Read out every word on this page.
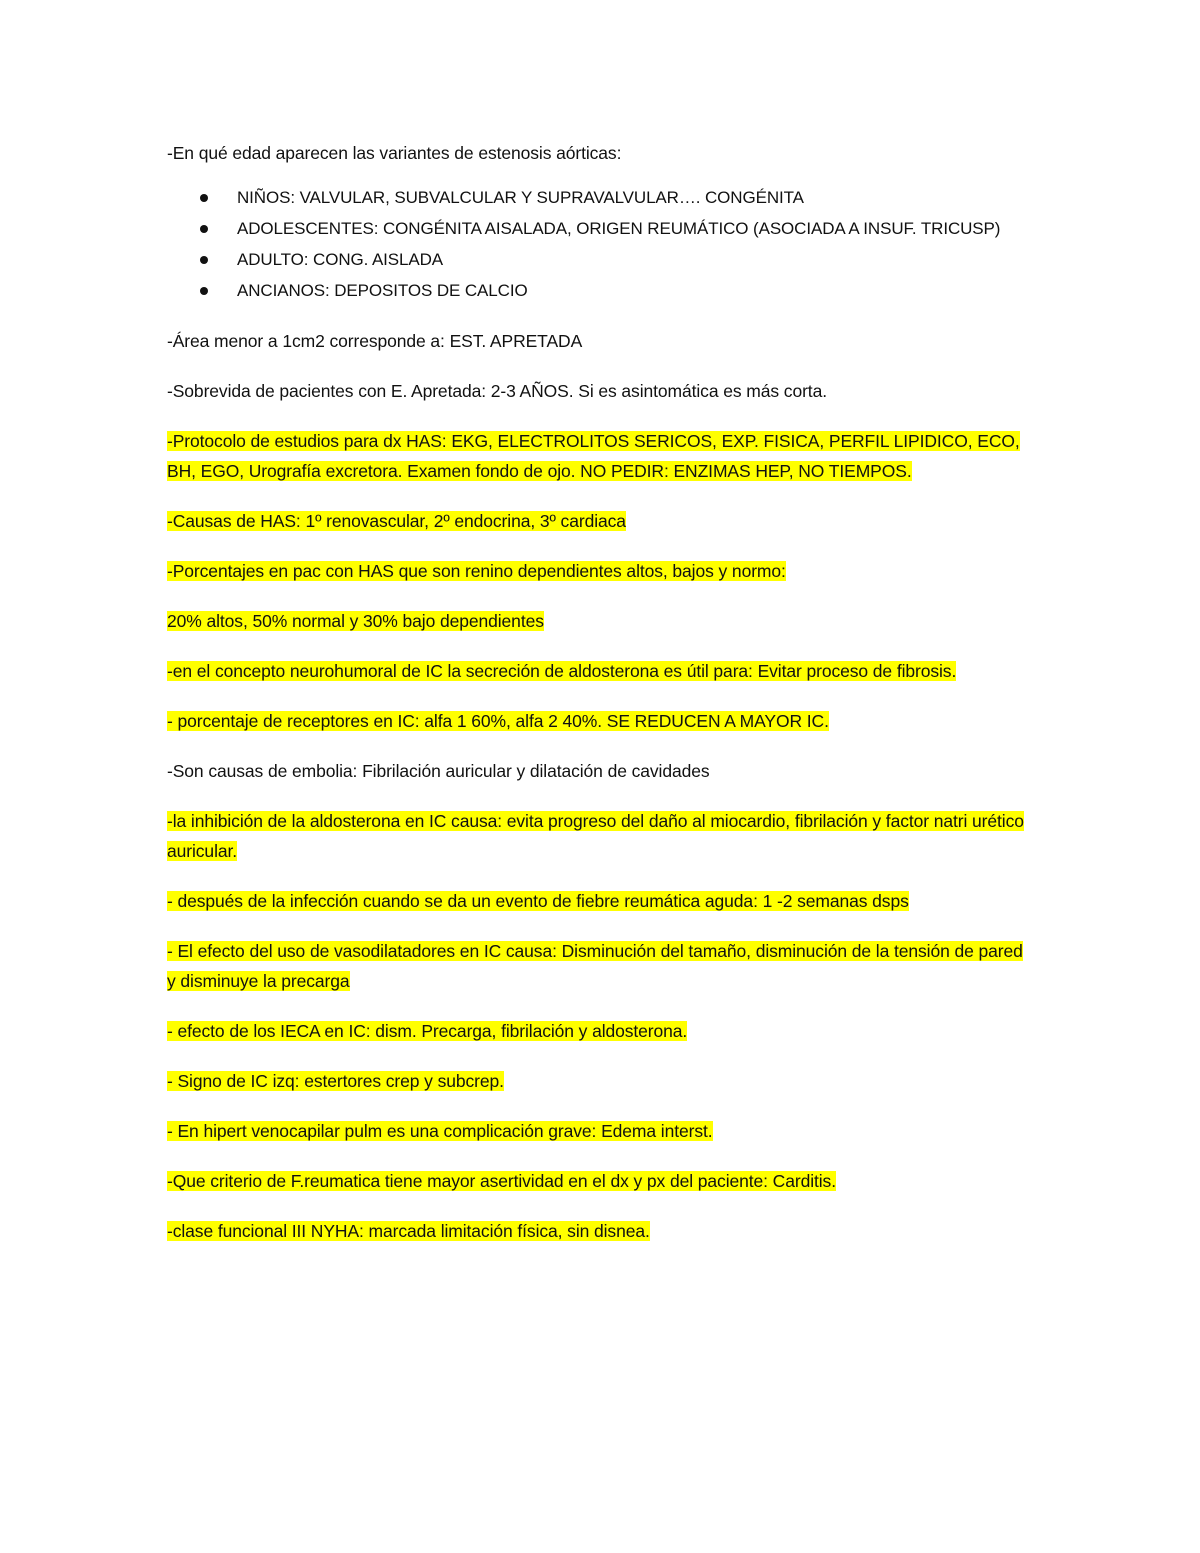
-En qué edad aparecen las variantes de estenosis aórticas:

NIÑOS: VALVULAR, SUBVALCULAR Y SUPRAVALVULAR…. CONGÉNITA
ADOLESCENTES: CONGÉNITA AISALADA, ORIGEN REUMÁTICO (ASOCIADA A INSUF. TRICUSP)
ADULTO: CONG. AISLADA
ANCIANOS: DEPOSITOS DE CALCIO

-Área menor a 1cm2 corresponde a: EST. APRETADA

-Sobrevida de pacientes con E. Apretada: 2-3 AÑOS. Si es asintomática es más corta.

-Protocolo de estudios para dx HAS: EKG, ELECTROLITOS SERICOS, EXP. FISICA, PERFIL LIPIDICO, ECO, BH, EGO, Urografía excretora. Examen fondo de ojo. NO PEDIR: ENZIMAS HEP, NO TIEMPOS.

-Causas de HAS: 1º renovascular, 2º endocrina, 3º cardiaca

-Porcentajes en pac con HAS que son renino dependientes altos, bajos y normo:

20% altos, 50% normal y 30% bajo dependientes

-en el concepto neurohumoral de IC la secreción de aldosterona es útil para: Evitar proceso de fibrosis.

- porcentaje de receptores en IC: alfa 1 60%, alfa 2 40%. SE REDUCEN A MAYOR IC.

-Son causas de embolia: Fibrilación auricular y dilatación de cavidades

-la inhibición de la aldosterona en IC causa: evita progreso del daño al miocardio, fibrilación y factor natri urético auricular.

- después de la infección cuando se da un evento de fiebre reumática aguda: 1 -2 semanas dsps

- El efecto del uso de vasodilatadores en IC causa: Disminución del tamaño, disminución de la tensión de pared y disminuye la precarga

- efecto de los IECA en IC: dism. Precarga, fibrilación y aldosterona.

- Signo de IC izq: estertores crep y subcrep.

- En hipert venocapilar pulm es una complicación grave: Edema interst.

-Que criterio de F.reumatica tiene mayor asertividad en el dx y px del paciente: Carditis.

-clase funcional III NYHA: marcada limitación física, sin disnea.
